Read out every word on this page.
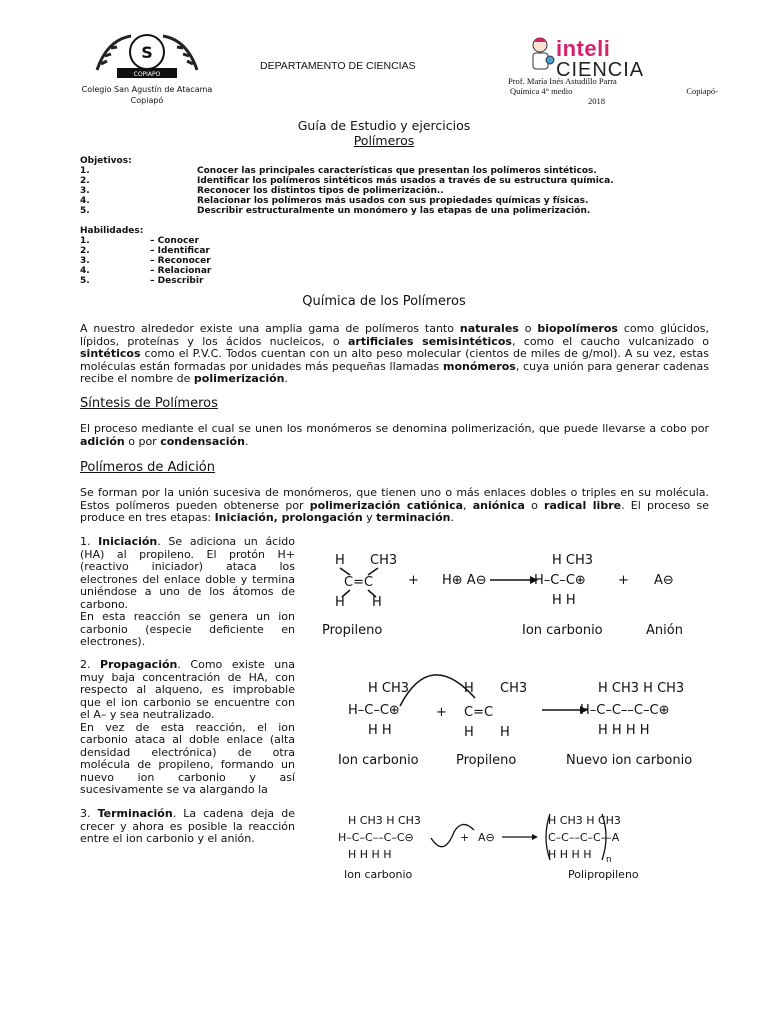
S
COPIAPO
Colegio San Agustín de Atacama
Copiapó
DEPARTAMENTO DE CIENCIAS
inteli
CIENCIA
Prof. María Inés Astudillo Parra
Química 4° medio	Copiapó-
2018
Guía de Estudio y ejercicios
Polímeros
Objetivos:
1.	Conocer las principales características que presentan los polímeros sintéticos.
2.	Identificar los polímeros sintéticos más usados a través de su estructura química.
3.	Reconocer los distintos tipos de polimerización..
4.	Relacionar los polímeros más usados con sus propiedades químicas y físicas.
5.	Describir estructuralmente un monómero y las etapas de una polimerización.
Habilidades:
1.	– Conocer
2.	– Identificar
3.	– Reconocer
4.	– Relacionar
5.	– Describir
Química de los Polímeros
A nuestro alrededor existe una amplia gama de polímeros tanto naturales o biopolímeros como glúcidos, lípidos, proteínas y los ácidos nucleicos, o artificiales semisintéticos, como el caucho vulcanizado o sintéticos como el P.V.C. Todos cuentan con un alto peso molecular (cientos de miles de g/mol). A su vez, estas moléculas están formadas por unidades más pequeñas llamadas monómeros, cuya unión para generar cadenas recibe el nombre de polimerización.
Síntesis de Polímeros
El proceso mediante el cual se unen los monómeros se denomina polimerización, que puede llevarse a cobo por adición o por condensación.
Polímeros de Adición
Se forman por la unión sucesiva de monómeros, que tienen uno o más enlaces dobles o triples en su molécula. Estos polímeros pueden obtenerse por polimerización catiónica, aniónica o radical libre. El proceso se produce en tres etapas: Iniciación, prolongación y terminación.
1. Iniciación. Se adiciona un ácido (HA) al propileno. El protón H+ (reactivo iniciador) ataca los electrones del enlace doble y termina uniéndose a uno de los átomos de carbono.
En esta reacción se genera un ion carbonio (especie deficiente en electrones).
2. Propagación. Como existe una muy baja concentración de HA, con respecto al alqueno, es improbable que el ion carbonio se encuentre con el A– y sea neutralizado.
En vez de esta reacción, el ion carbonio ataca al doble enlace (alta densidad electrónica) de otra molécula de propileno, formando un nuevo ion carbonio y así sucesivamente se va alargando la
3. Terminación. La cadena deja de crecer y ahora es posible la reacción entre el ion carbonio y el anión.
H CH3
C=C
H H
+ H⊕ A⊖
H CH3
H–C–C⊕
H H
+ A⊖
Propileno	Ion carbonio	Anión
H CH3
H–C–C⊕
H H
+
H CH3
C=C
H H
H CH3 H CH3
H–C–C––C–C⊕
H H H H
Ion carbonio	Propileno	Nuevo ion carbonio
H CH3 H CH3
H–C–C––C–C⊖
H H H H
+ A⊖
H CH3 H CH3
C–C––C–C—A
H H H H n
Ion carbonio	Polipropileno
